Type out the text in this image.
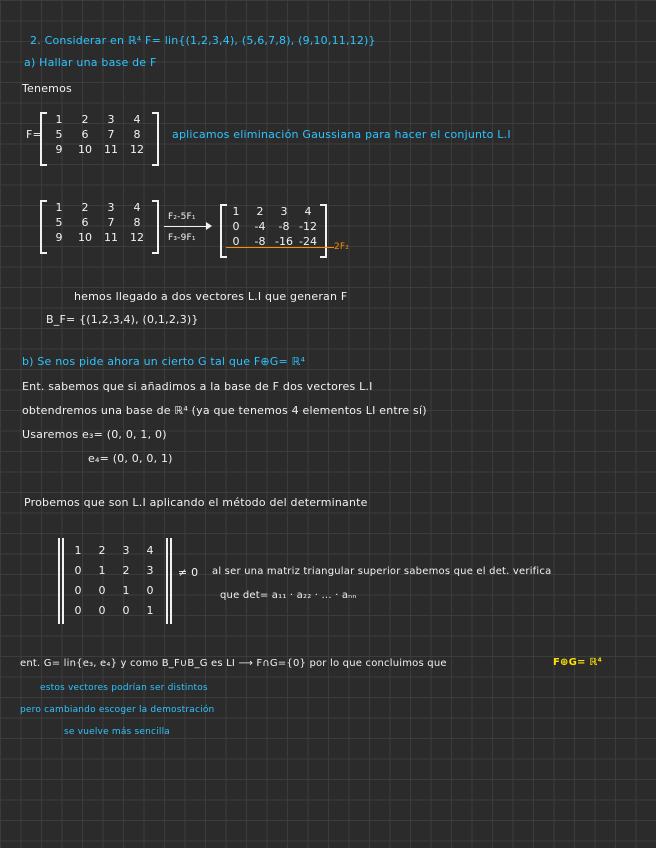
2. Considerar en ℝ⁴ F= lin{(1,2,3,4), (5,6,7,8), (9,10,11,12)}
a) Hallar una base de F
Tenemos
F=
1	2	3	4
5	6	7	8
9	10	11	12
aplicamos eliminación Gaussiana para hacer el conjunto L.I
1	2	3	4
5	6	7	8
9	10	11	12
F₂-5F₁
F₃-9F₁
1	2	3	4
0	-4	-8	-12
0	-8	-16	-24 2F₂
hemos llegado a dos vectores L.I que generan F
B_F= {(1,2,3,4), (0,1,2,3)}
b) Se nos pide ahora un cierto G tal que F⊕G= ℝ⁴
Ent. sabemos que si añadimos a la base de F dos vectores L.I
obtendremos una base de ℝ⁴ (ya que tenemos 4 elementos LI entre sí)
Usaremos e₃= (0, 0, 1, 0)
e₄= (0, 0, 0, 1)
Probemos que son L.I aplicando el método del determinante
1	2	3	4
0	1	2	3
0	0	1	0
0	0	0	1
≠ 0 al ser una matriz triangular superior sabemos que el det. verifica
que det= a₁₁ · a₂₂ · ... · aₙₙ
ent. G= lin{e₃, e₄} y como B_F∪B_G es LI ⟶ F∩G={0} por lo que concluimos que	F⊕G= ℝ⁴
estos vectores podrían ser distintos
pero cambiando escoger la demostración
se vuelve más sencilla
